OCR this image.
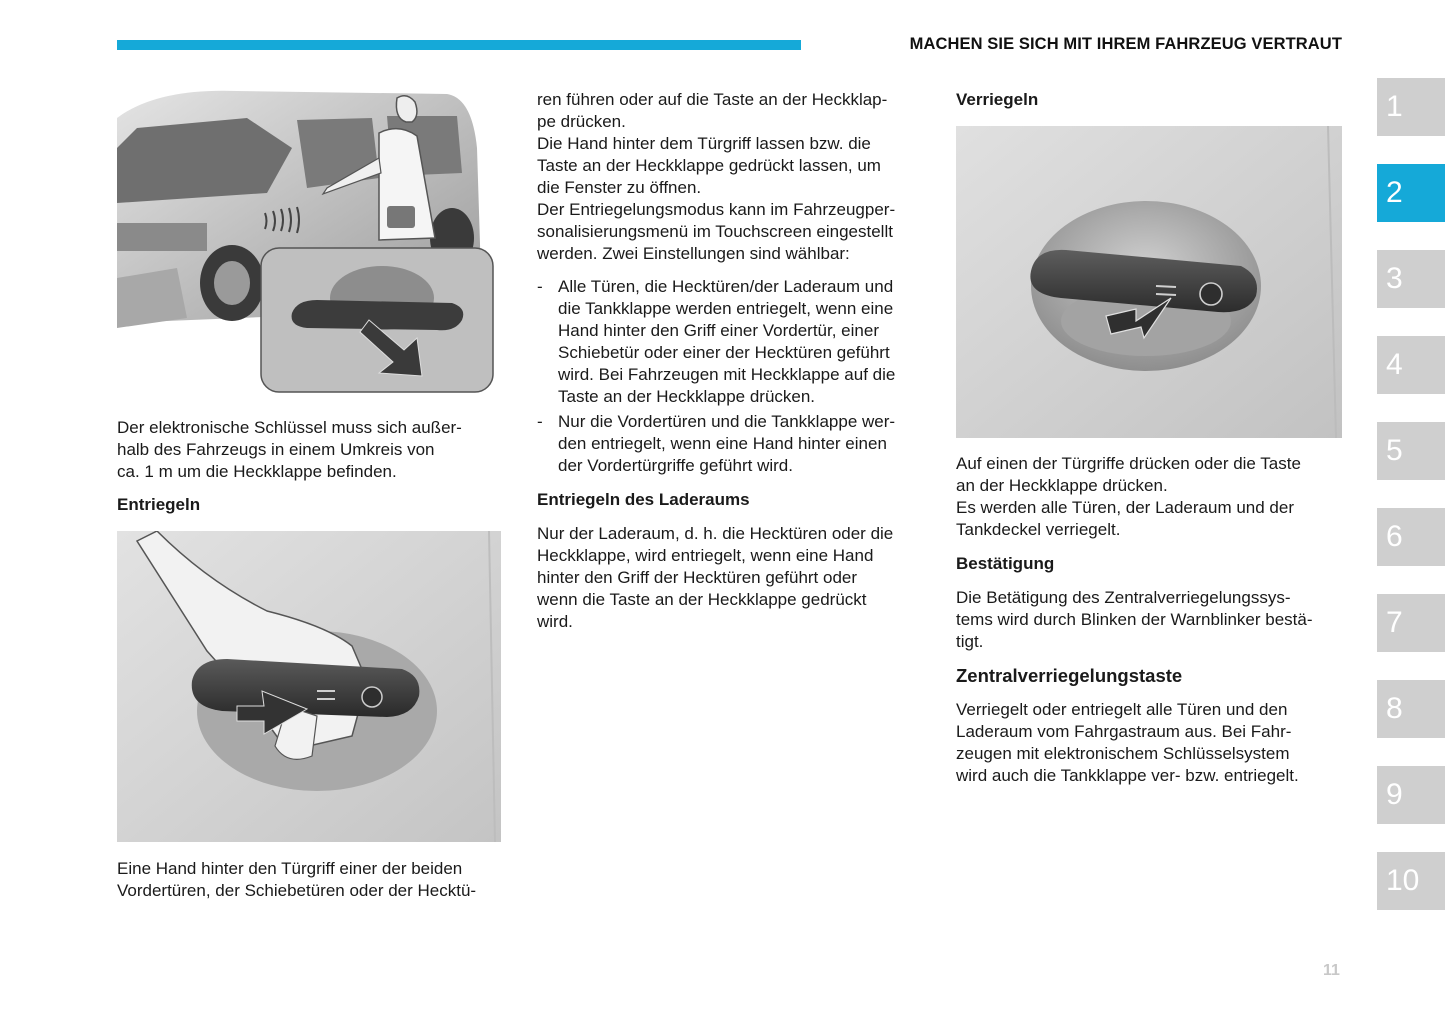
MACHEN SIE SICH MIT IHREM FAHRZEUG VERTRAUT

Der elektronische Schlüssel muss sich außer-

halb des Fahrzeugs in einem Umkreis von

ca. 1 m um die Heckklappe befinden.

Entriegeln

Eine Hand hinter den Türgriff einer der beiden

Vordertüren, der Schiebetüren oder der Hecktü-

ren führen oder auf die Taste an der Heckklap-

pe drücken.

Die Hand hinter dem Türgriff lassen bzw. die

Taste an der Heckklappe gedrückt lassen, um

die Fenster zu öffnen.

Der Entriegelungsmodus kann im Fahrzeugper-

sonalisierungsmenü im Touchscreen eingestellt

werden. Zwei Einstellungen sind wählbar:

- Alle Türen, die Hecktüren/der Laderaum und
die Tankklappe werden entriegelt, wenn eine
Hand hinter den Griff einer Vordertür, einer
Schiebetür oder einer der Hecktüren geführt
wird. Bei Fahrzeugen mit Heckklappe auf die
Taste an der Heckklappe drücken.
- Nur die Vordertüren und die Tankklappe wer-
den entriegelt, wenn eine Hand hinter einen
der Vordertürgriffe geführt wird.
Entriegeln des Laderaums

Nur der Laderaum, d. h. die Hecktüren oder die

Heckklappe, wird entriegelt, wenn eine Hand

hinter den Griff der Hecktüren geführt oder

wenn die Taste an der Heckklappe gedrückt

wird.

Verriegeln

Auf einen der Türgriffe drücken oder die Taste

an der Heckklappe drücken.

Es werden alle Türen, der Laderaum und der

Tankdeckel verriegelt.

Bestätigung

Die Betätigung des Zentralverriegelungssys-

tems wird durch Blinken der Warnblinker bestä-

tigt.

Zentralverriegelungstaste

Verriegelt oder entriegelt alle Türen und den

Laderaum vom Fahrgastraum aus. Bei Fahr-

zeugen mit elektronischem Schlüsselsystem

wird auch die Tankklappe ver- bzw. entriegelt.

1
2
3
4
5
6
7
8
9
10
11
